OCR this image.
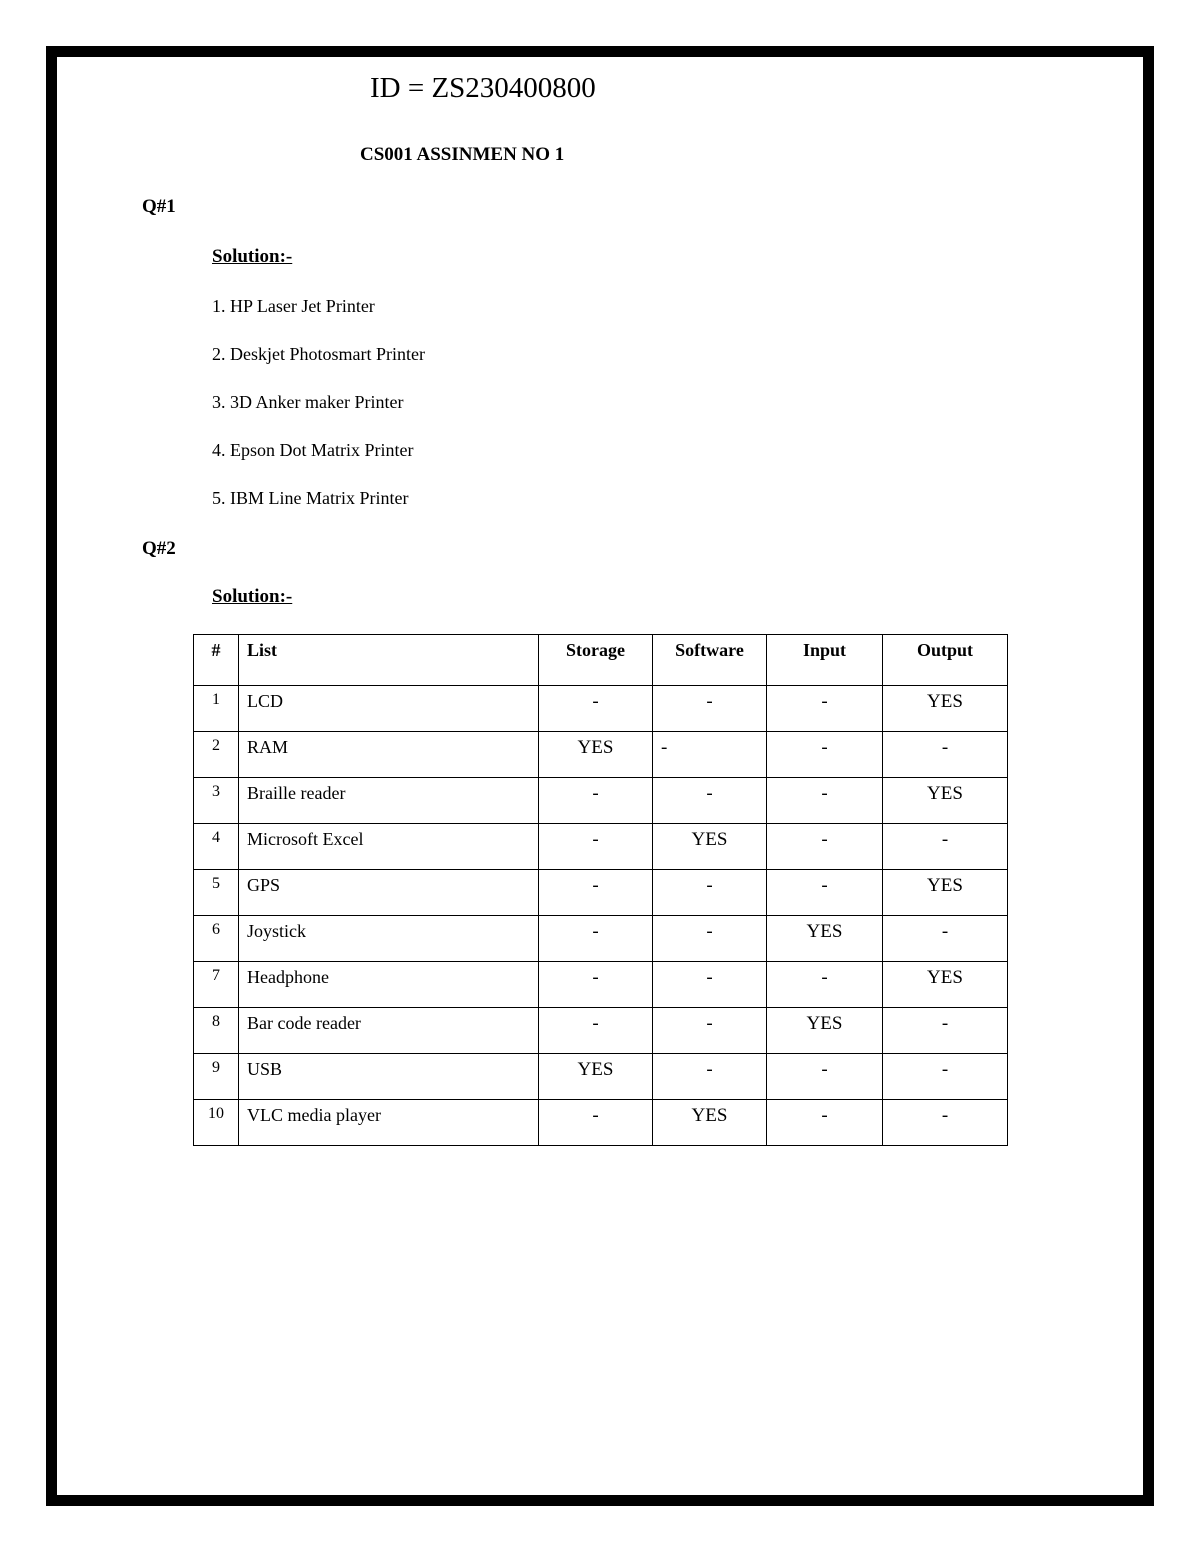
ID = ZS230400800
CS001 ASSINMEN NO 1
Q#1
Solution:-
1. HP Laser Jet Printer
2. Deskjet Photosmart Printer
3. 3D Anker maker Printer
4. Epson Dot Matrix Printer
5. IBM Line Matrix Printer
Q#2
Solution:-
#	List	Storage	Software	Input	Output
1	LCD	-	-	-	YES
2	RAM	YES	-	-	-
3	Braille reader	-	-	-	YES
4	Microsoft Excel	-	YES	-	-
5	GPS	-	-	-	YES
6	Joystick	-	-	YES	-
7	Headphone	-	-	-	YES
8	Bar code reader	-	-	YES	-
9	USB	YES	-	-	-
10	VLC media player	-	YES	-	-
